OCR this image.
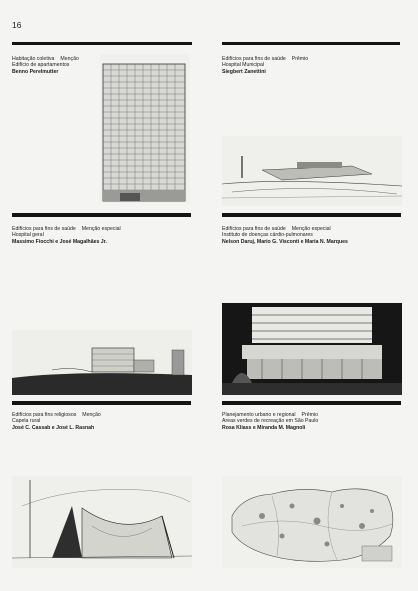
16
Habitação coletiva Menção
Edifício de apartamentos
Benno Perelmutter
Edifícios para fins de saúde Prêmio
Hospital Municipal
Siegbert Zanettini
Edifícios para fins de saúde Menção especial
Hospital geral
Massimo Fiocchi e José Magalhães Jr.
Edifícios para fins de saúde Menção especial
Instituto de doenças cárdio-pulmonares
Nelson Daruj, Mario G. Visconti e Maria N. Marques
Edifícios para fins religiosos Menção
Capela rural
José C. Cassab e José L. Rasnah
Planejamento urbano e regional Prêmio
Areas verdes de recreação em São Paulo
Rosa Kliass e Miranda M. Magnoli
